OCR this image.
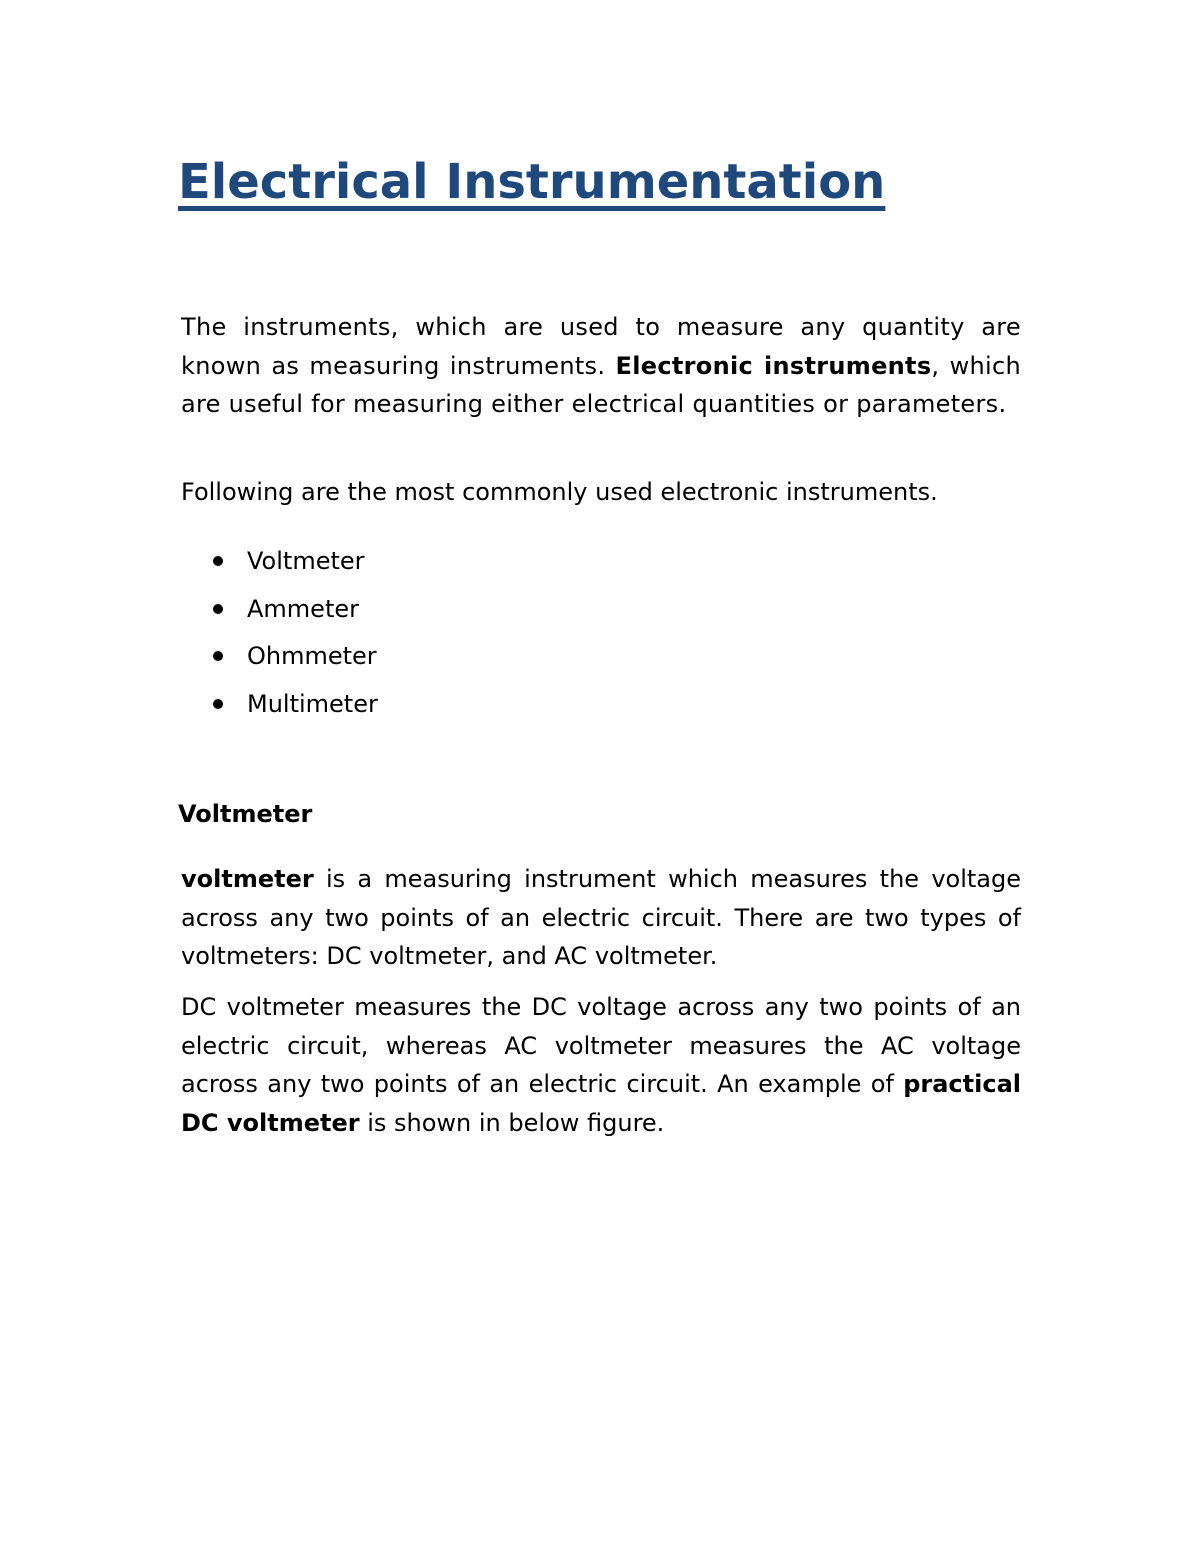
Electrical Instrumentation

The instruments, which are used to measure any quantity are known as measuring instruments. Electronic instruments, which are useful for measuring either electrical quantities or parameters.

Following are the most commonly used electronic instruments.

Voltmeter
Ammeter
Ohmmeter
Multimeter
Voltmeter

voltmeter is a measuring instrument which measures the voltage across any two points of an electric circuit. There are two types of voltmeters: DC voltmeter, and AC voltmeter.

DC voltmeter measures the DC voltage across any two points of an electric circuit, whereas AC voltmeter measures the AC voltage across any two points of an electric circuit. An example of practical DC voltmeter is shown in below figure.
